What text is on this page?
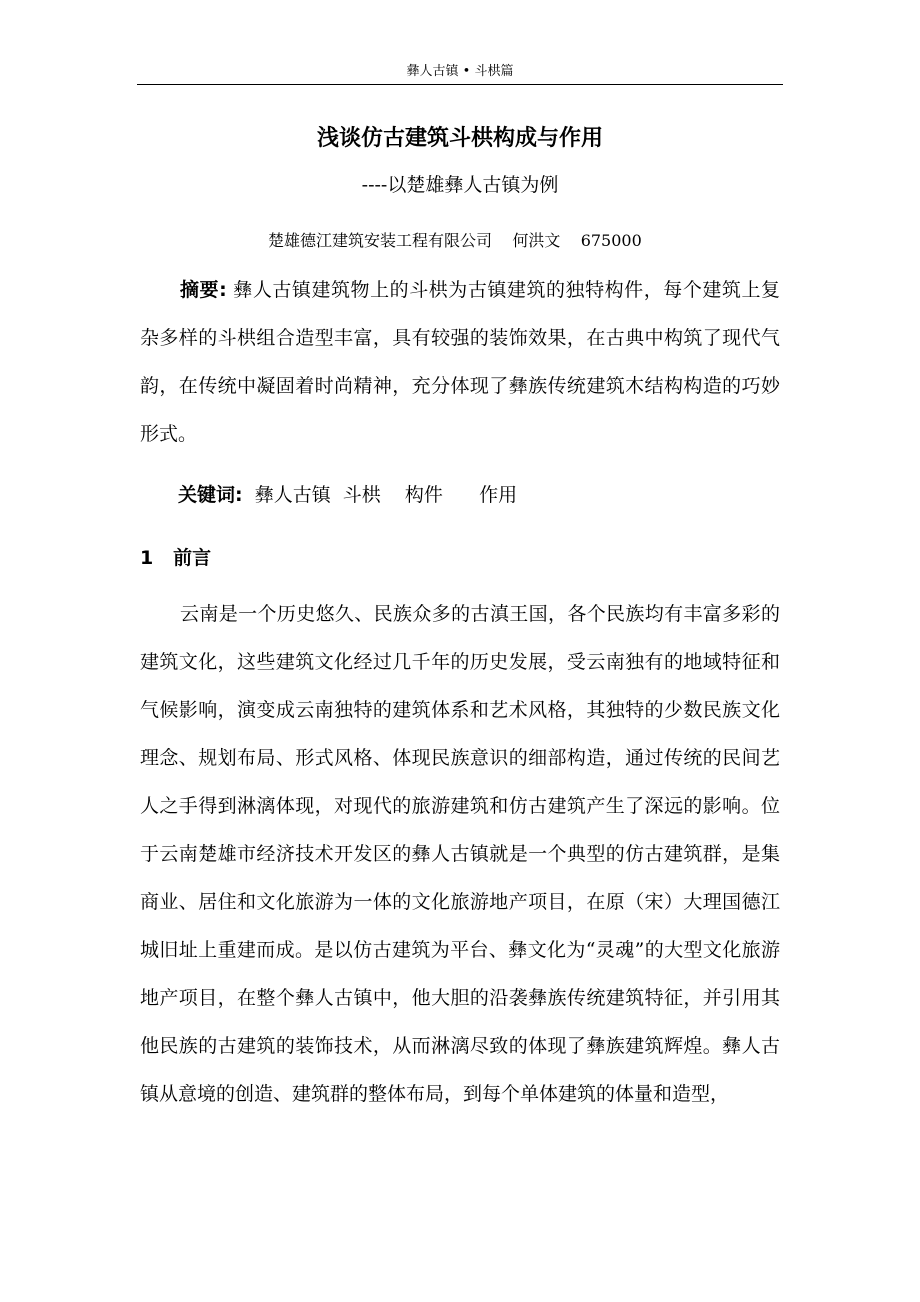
彝人古镇 • 斗栱篇
浅谈仿古建筑斗栱构成与作用
----以楚雄彝人古镇为例
楚雄德江建筑安装工程有限公司    何洪文    675000
摘要: 彝人古镇建筑物上的斗栱为古镇建筑的独特构件，每个建筑上复杂多样的斗栱组合造型丰富，具有较强的装饰效果，在古典中构筑了现代气韵，在传统中凝固着时尚精神，充分体现了彝族传统建筑木结构构造的巧妙形式。
关键词:  彝人古镇  斗栱    构件      作用
1   前言
云南是一个历史悠久、民族众多的古滇王国，各个民族均有丰富多彩的建筑文化，这些建筑文化经过几千年的历史发展，受云南独有的地域特征和气候影响，演变成云南独特的建筑体系和艺术风格，其独特的少数民族文化理念、规划布局、形式风格、体现民族意识的细部构造，通过传统的民间艺人之手得到淋漓体现，对现代的旅游建筑和仿古建筑产生了深远的影响。位于云南楚雄市经济技术开发区的彝人古镇就是一个典型的仿古建筑群，是集商业、居住和文化旅游为一体的文化旅游地产项目，在原（宋）大理国德江城旧址上重建而成。是以仿古建筑为平台、彝文化为“灵魂”的大型文化旅游地产项目，在整个彝人古镇中，他大胆的沿袭彝族传统建筑特征，并引用其他民族的古建筑的装饰技术，从而淋漓尽致的体现了彝族建筑辉煌。彝人古镇从意境的创造、建筑群的整体布局，到每个单体建筑的体量和造型，
